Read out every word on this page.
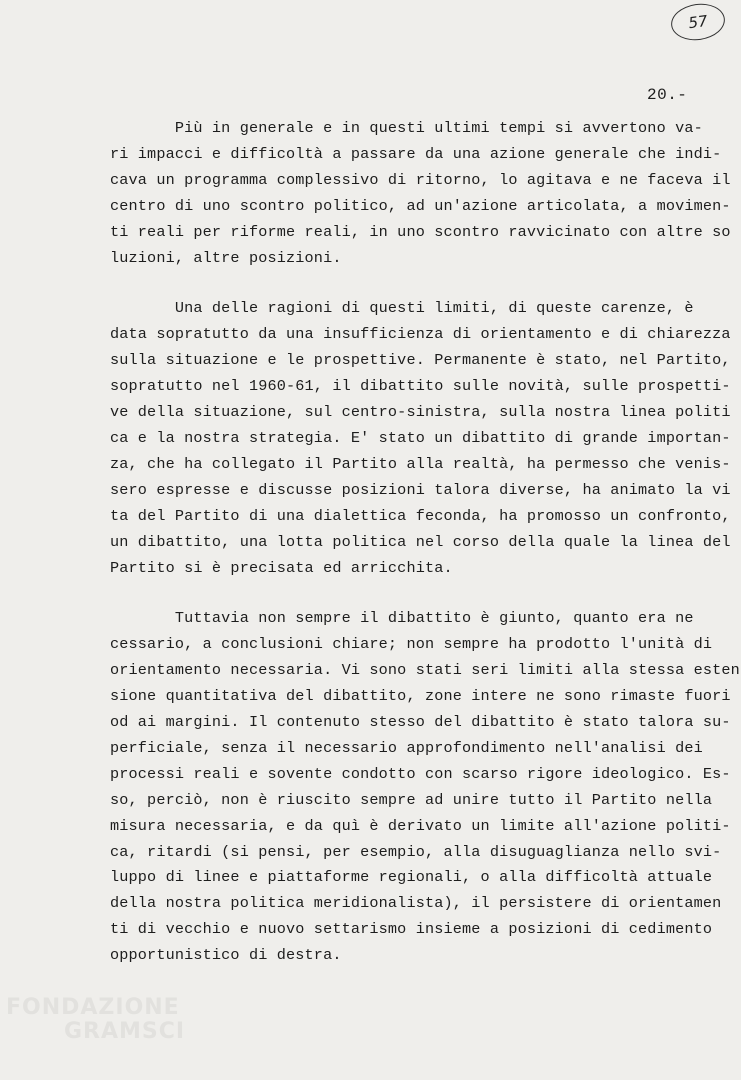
57
20.-
Più in generale e in questi ultimi tempi si avvertono va-
ri impacci e difficoltà a passare da una azione generale che indi-
cava un programma complessivo di ritorno, lo agitava e ne faceva il
centro di uno scontro politico, ad un'azione articolata, a movimen-
ti reali per riforme reali, in uno scontro ravvicinato con altre so
luzioni, altre posizioni.
Una delle ragioni di questi limiti, di queste carenze, è
data sopratutto da una insufficienza di orientamento e di chiarezza
sulla situazione e le prospettive. Permanente è stato, nel Partito,
sopratutto nel 1960-61, il dibattito sulle novità, sulle prospetti-
ve della situazione, sul centro-sinistra, sulla nostra linea politi
ca e la nostra strategia. E' stato un dibattito di grande importan-
za, che ha collegato il Partito alla realtà, ha permesso che venis-
sero espresse e discusse posizioni talora diverse, ha animato la vi
ta del Partito di una dialettica feconda, ha promosso un confronto,
un dibattito, una lotta politica nel corso della quale la linea del
Partito si è precisata ed arricchita.
Tuttavia non sempre il dibattito è giunto, quanto era ne
cessario, a conclusioni chiare; non sempre ha prodotto l'unità di
orientamento necessaria. Vi sono stati seri limiti alla stessa esten
sione quantitativa del dibattito, zone intere ne sono rimaste fuori
od ai margini. Il contenuto stesso del dibattito è stato talora su-
perficiale, senza il necessario approfondimento nell'analisi dei
processi reali e sovente condotto con scarso rigore ideologico. Es-
so, perciò, non è riuscito sempre ad unire tutto il Partito nella
misura necessaria, e da quì è derivato un limite all'azione politi-
ca, ritardi (si pensi, per esempio, alla disuguaglianza nello svi-
luppo di linee e piattaforme regionali, o alla difficoltà attuale
della nostra politica meridionalista), il persistere di orientamen
ti di vecchio e nuovo settarismo insieme a posizioni di cedimento
opportunistico di destra.
FONDAZIONE
GRAMSCI
